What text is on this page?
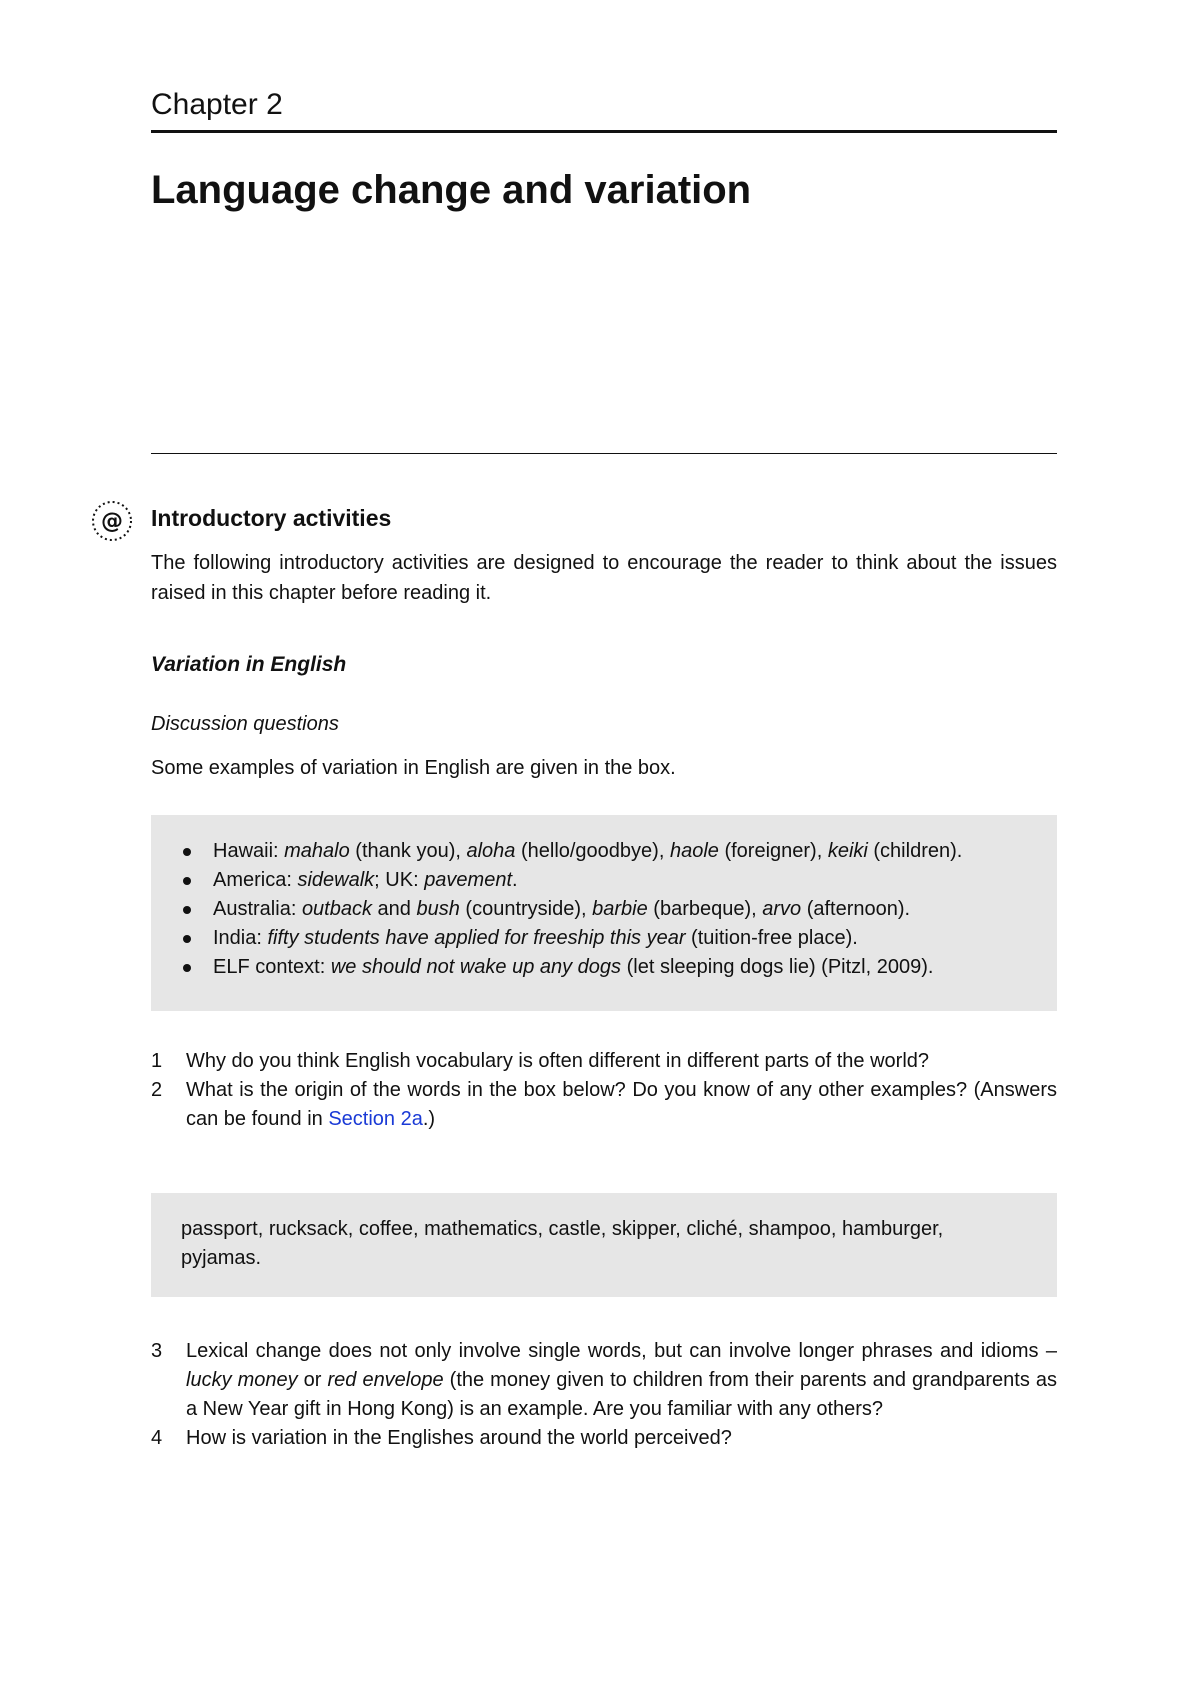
Chapter 2
Language change and variation
@ Introductory activities

The following introductory activities are designed to encourage the reader to think about the issues raised in this chapter before reading it.

Variation in English

Discussion questions

Some examples of variation in English are given in the box.

Hawaii: mahalo (thank you), aloha (hello/goodbye), haole (foreigner), keiki (children).
America: sidewalk; UK: pavement.
Australia: outback and bush (countryside), barbie (barbeque), arvo (afternoon).
India: fifty students have applied for freeship this year (tuition-free place).
ELF context: we should not wake up any dogs (let sleeping dogs lie) (Pitzl, 2009).
1 Why do you think English vocabulary is often different in different parts of the world?
2 What is the origin of the words in the box below? Do you know of any other examples? (Answers can be found in Section 2a.)
passport, rucksack, coffee, mathematics, castle, skipper, cliché, shampoo, hamburger, pyjamas.
3 Lexical change does not only involve single words, but can involve longer phrases and idioms – lucky money or red envelope (the money given to children from their parents and grandparents as a New Year gift in Hong Kong) is an example. Are you familiar with any others?
4 How is variation in the Englishes around the world perceived?
